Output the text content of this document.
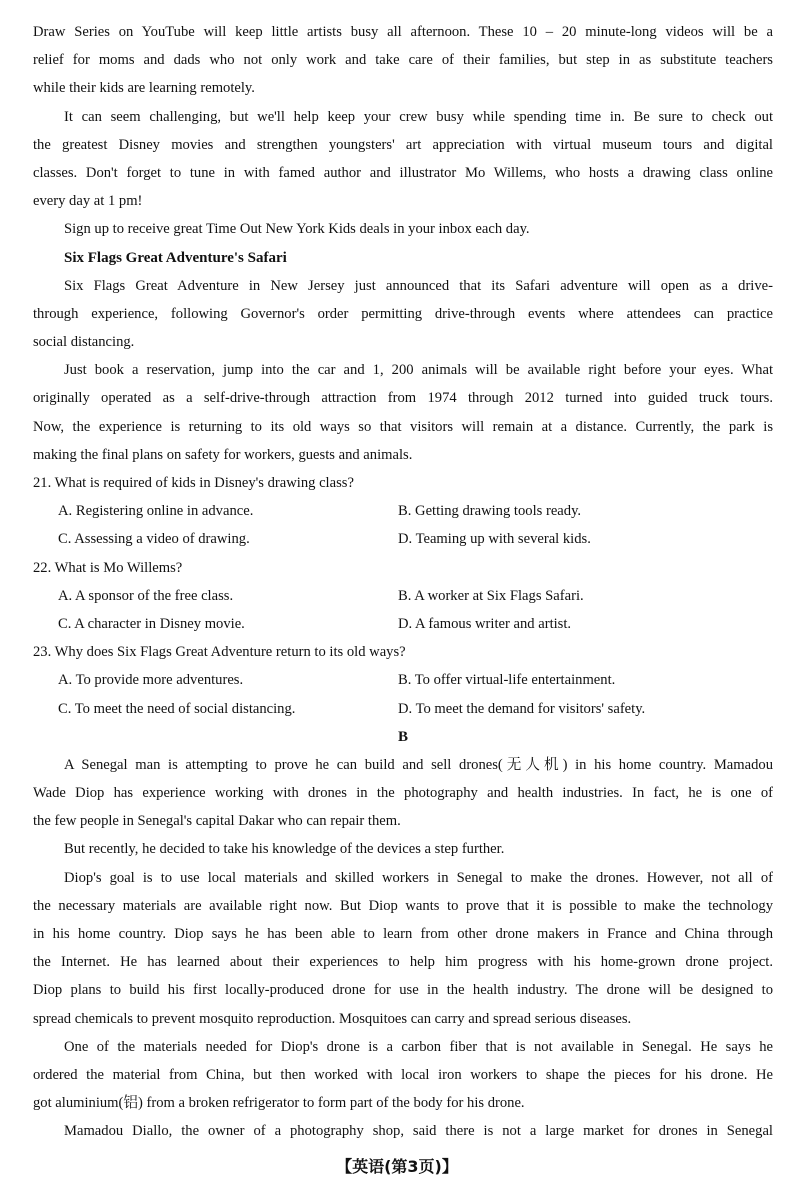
Draw Series on YouTube will keep little artists busy all afternoon. These 10 – 20 minute-long videos will be a
relief for moms and dads who not only work and take care of their families, but step in as substitute teachers
while their kids are learning remotely.
It can seem challenging, but we'll help keep your crew busy while spending time in. Be sure to check out
the greatest Disney movies and strengthen youngsters' art appreciation with virtual museum tours and digital
classes. Don't forget to tune in with famed author and illustrator Mo Willems, who hosts a drawing class online
every day at 1 pm!
Sign up to receive great Time Out New York Kids deals in your inbox each day.
Six Flags Great Adventure's Safari
Six Flags Great Adventure in New Jersey just announced that its Safari adventure will open as a drive-
through experience, following Governor's order permitting drive-through events where attendees can practice
social distancing.
Just book a reservation, jump into the car and 1, 200 animals will be available right before your eyes. What
originally operated as a self-drive-through attraction from 1974 through 2012 turned into guided truck tours.
Now, the experience is returning to its old ways so that visitors will remain at a distance. Currently, the park is
making the final plans on safety for workers, guests and animals.
21. What is required of kids in Disney's drawing class?
A. Registering online in advance.	B. Getting drawing tools ready.
C. Assessing a video of drawing.	D. Teaming up with several kids.
22. What is Mo Willems?
A. A sponsor of the free class.	B. A worker at Six Flags Safari.
C. A character in Disney movie.	D. A famous writer and artist.
23. Why does Six Flags Great Adventure return to its old ways?
A. To provide more adventures.	B. To offer virtual-life entertainment.
C. To meet the need of social distancing.	D. To meet the demand for visitors' safety.
B
A Senegal man is attempting to prove he can build and sell drones(无人机) in his home country. Mamadou
Wade Diop has experience working with drones in the photography and health industries. In fact, he is one of
the few people in Senegal's capital Dakar who can repair them.
But recently, he decided to take his knowledge of the devices a step further.
Diop's goal is to use local materials and skilled workers in Senegal to make the drones. However, not all of
the necessary materials are available right now. But Diop wants to prove that it is possible to make the technology
in his home country. Diop says he has been able to learn from other drone makers in France and China through
the Internet. He has learned about their experiences to help him progress with his home-grown drone project.
Diop plans to build his first locally-produced drone for use in the health industry. The drone will be designed to
spread chemicals to prevent mosquito reproduction. Mosquitoes can carry and spread serious diseases.
One of the materials needed for Diop's drone is a carbon fiber that is not available in Senegal. He says he
ordered the material from China, but then worked with local iron workers to shape the pieces for his drone. He
got aluminium(铝) from a broken refrigerator to form part of the body for his drone.
Mamadou Diallo, the owner of a photography shop, said there is not a large market for drones in Senegal
【英语(第3页)】
